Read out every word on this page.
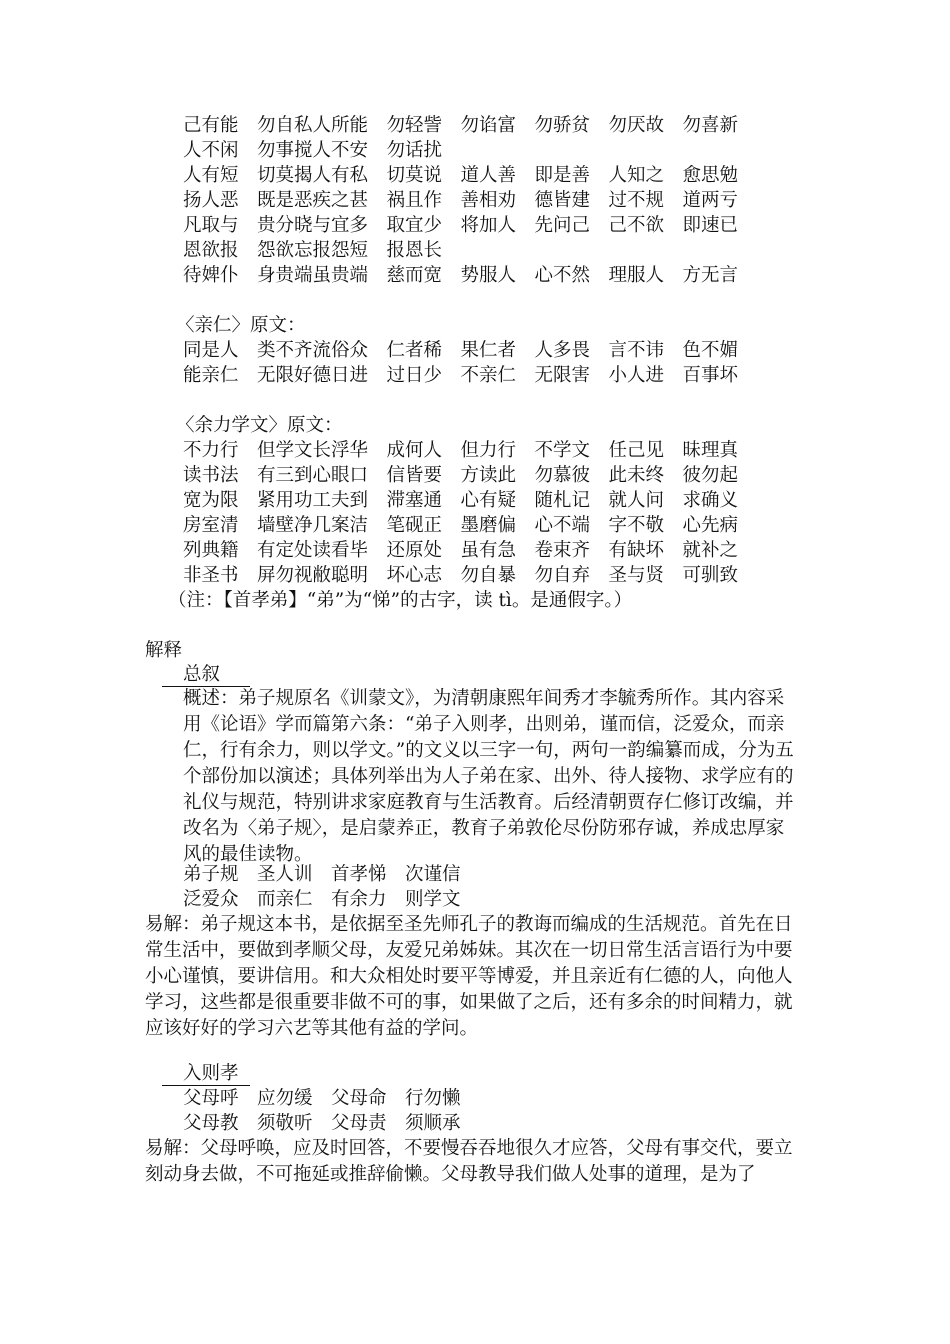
己有能　勿自私人所能　勿轻訾　勿谄富　勿骄贫　勿厌故　勿喜新
人不闲　勿事搅人不安　勿话扰
人有短　切莫揭人有私　切莫说　道人善　即是善　人知之　愈思勉
扬人恶　既是恶疾之甚　祸且作　善相劝　德皆建　过不规　道两亏
凡取与　贵分晓与宜多　取宜少　将加人　先问己　己不欲　即速已
恩欲报　怨欲忘报怨短　报恩长
待婢仆　身贵端虽贵端　慈而宽　势服人　心不然　理服人　方无言
〈亲仁〉原文：
同是人　类不齐流俗众　仁者稀　果仁者　人多畏　言不讳　色不媚
能亲仁　无限好德日进　过日少　不亲仁　无限害　小人进　百事坏
〈余力学文〉原文：
不力行　但学文长浮华　成何人　但力行　不学文　任己见　昧理真
读书法　有三到心眼口　信皆要　方读此　勿慕彼　此未终　彼勿起
宽为限　紧用功工夫到　滞塞通　心有疑　随札记　就人问　求确义
房室清　墙壁净几案洁　笔砚正　墨磨偏　心不端　字不敬　心先病
列典籍　有定处读看毕　还原处　虽有急　卷束齐　有缺坏　就补之
非圣书　屏勿视敝聪明　坏心志　勿自暴　勿自弃　圣与贤　可驯致
（注：【首孝弟】“弟”为“悌”的古字，读 tì。是通假字。）
解释
总叙
概述：弟子规原名《训蒙文》，为清朝康熙年间秀才李毓秀所作。其内容采用《论语》学而篇第六条：“弟子入则孝，出则弟，谨而信，泛爱众，而亲仁，行有余力，则以学文。”的文义以三字一句，两句一韵编纂而成，分为五个部份加以演述；具体列举出为人子弟在家、出外、待人接物、求学应有的礼仪与规范，特别讲求家庭教育与生活教育。后经清朝贾存仁修订改编，并改名为〈弟子规〉，是启蒙养正，教育子弟敦伦尽份防邪存诚，养成忠厚家风的最佳读物。
弟子规　圣人训　首孝悌　次谨信
泛爱众　而亲仁　有余力　则学文
易解：弟子规这本书，是依据至圣先师孔子的教诲而编成的生活规范。首先在日常生活中，要做到孝顺父母，友爱兄弟姊妹。其次在一切日常生活言语行为中要小心谨慎，要讲信用。和大众相处时要平等博爱，并且亲近有仁德的人，向他人学习，这些都是很重要非做不可的事，如果做了之后，还有多余的时间精力，就应该好好的学习六艺等其他有益的学问。
入则孝
父母呼　应勿缓　父母命　行勿懒
父母教　须敬听　父母责　须顺承
易解：父母呼唤，应及时回答，不要慢吞吞地很久才应答，父母有事交代，要立刻动身去做，不可拖延或推辞偷懒。父母教导我们做人处事的道理，是为了
